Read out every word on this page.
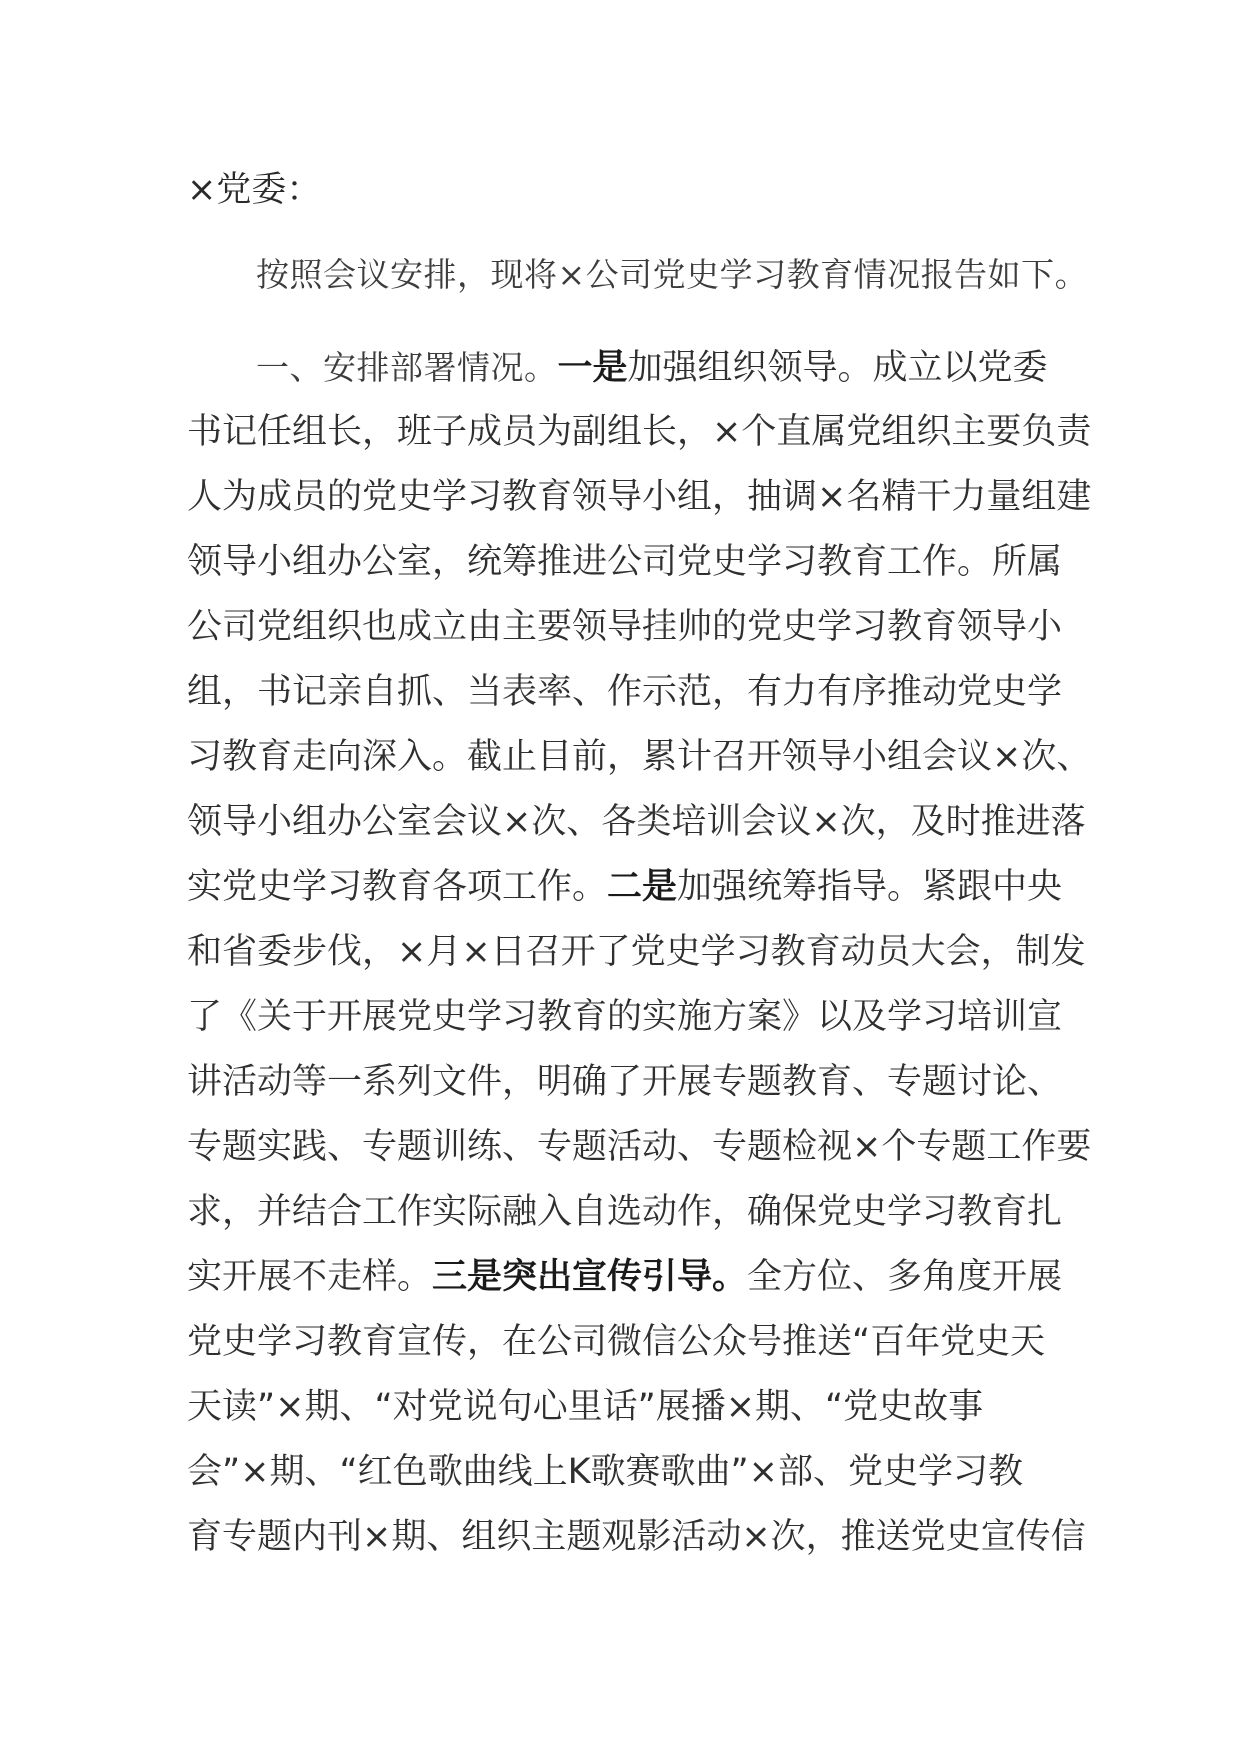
×党委：
按照会议安排，现将×公司党史学习教育情况报告如下。
一、安排部署情况。一是加强组织领导。成立以党委
书记任组长，班子成员为副组长，×个直属党组织主要负责
人为成员的党史学习教育领导小组，抽调×名精干力量组建
领导小组办公室，统筹推进公司党史学习教育工作。所属
公司党组织也成立由主要领导挂帅的党史学习教育领导小
组，书记亲自抓、当表率、作示范，有力有序推动党史学
习教育走向深入。截止目前，累计召开领导小组会议×次、
领导小组办公室会议×次、各类培训会议×次，及时推进落
实党史学习教育各项工作。二是加强统筹指导。紧跟中央
和省委步伐，×月×日召开了党史学习教育动员大会，制发
了《关于开展党史学习教育的实施方案》以及学习培训宣
讲活动等一系列文件，明确了开展专题教育、专题讨论、
专题实践、专题训练、专题活动、专题检视×个专题工作要
求，并结合工作实际融入自选动作，确保党史学习教育扎
实开展不走样。三是突出宣传引导。全方位、多角度开展
党史学习教育宣传，在公司微信公众号推送“百年党史天
天读”×期、“对党说句心里话”展播×期、“党史故事
会”×期、“红色歌曲线上K歌赛歌曲”×部、党史学习教
育专题内刊×期、组织主题观影活动×次，推送党史宣传信
